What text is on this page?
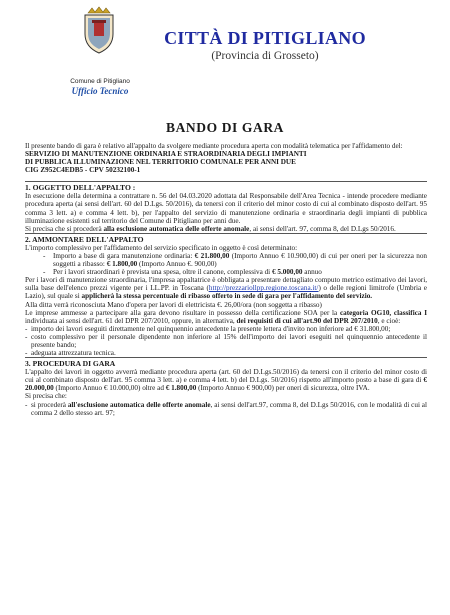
Comune di Pitigliano
Ufficio Tecnico
CITTÀ DI PITIGLIANO
(Provincia di Grosseto)
BANDO DI GARA

Il presente bando di gara è relativo all'appalto da svolgere mediante procedura aperta con modalità telematica per l'affidamento del:

SERVIZIO DI MANUTENZIONE ORDINARIA E STRAORDINARIA DEGLI IMPIANTI

DI PUBBLICA ILLUMINAZIONE NEL TERRITORIO COMUNALE PER ANNI DUE

CIG Z952C4EDB5 - CPV 50232100-1

1. OGGETTO DELL'APPALTO :

In esecuzione della determina a contrattare n. 56 del 04.03.2020 adottata dal Responsabile dell'Area Tecnica - intende procedere mediante procedura aperta (ai sensi dell'art. 60 del D.Lgs. 50/2016), da tenersi con il criterio del minor costo di cui al combinato disposto dell'art. 95 comma 3 lett. a) e comma 4 lett. b), per l'appalto del servizio di manutenzione ordinaria e straordinaria degli impianti di pubblica illuminazione esistenti sul territorio del Comune di Pitigliano per anni due.

Si precisa che si procederà alla esclusione automatica delle offerte anomale, ai sensi dell'art. 97, comma 8, del D.Lgs 50/2016.

2. AMMONTARE DELL'APPALTO

L'importo complessivo per l'affidamento del servizio specificato in oggetto è così determinato:

- Importo a base di gara manutenzione ordinaria: € 21.800,00 (Importo Annuo € 10.900,00) di cui per oneri per la sicurezza non soggetti a ribasso: € 1.800,00 (Importo Annuo €. 900,00)
- Per i lavori straordinari è prevista una spesa, oltre il canone, complessiva di € 5.000,00 annuo

Per i lavori di manutenzione straordinaria, l'impresa appaltatrice è obbligata a presentare dettagliato computo metrico estimativo dei lavori, sulla base dell'elenco prezzi vigente per i LL.PP. in Toscana (http://prezzariollpp.regione.toscana.it/) o delle regioni limitrofe (Umbria e Lazio), sul quale si applicherà la stessa percentuale di ribasso offerto in sede di gara per l'affidamento del servizio.

Alla ditta verrà riconosciuta Mano d'opera per lavori di elettricista €. 26,00/ora (non soggetta a ribasso)

Le imprese ammesse a partecipare alla gara devono risultare in possesso della certificazione SOA per la categoria OG10, classifica I individuata ai sensi dell'art. 61 del DPR 207/2010, oppure, in alternativa, dei requisiti di cui all'art.90 del DPR 207/2010, e cioè:

- importo dei lavori eseguiti direttamente nel quinquennio antecedente la presente lettera d'invito non inferiore ad € 31.800,00;
- costo complessivo per il personale dipendente non inferiore al 15% dell'importo dei lavori eseguiti nel quinquennio antecedente il presente bando;
- adeguata attrezzatura tecnica.

3. PROCEDURA DI GARA

L'appalto dei lavori in oggetto avverrà mediante procedura aperta (art. 60 del D.Lgs.50/2016) da tenersi con il criterio del minor costo di cui al combinato disposto dell'art. 95 comma 3 lett. a) e comma 4 lett. b) del D.Lgs. 50/2016) rispetto all'importo posto a base di gara di € 20.000,00 (Importo Annuo € 10.000,00) oltre ad € 1.800,00 (Importo Annuo € 900,00) per oneri di sicurezza, oltre IVA.

Si precisa che:

- si procederà all'esclusione automatica delle offerte anomale, ai sensi dell'art.97, comma 8, del D.Lgs 50/2016, con le modalità di cui al comma 2 dello stesso art. 97;
